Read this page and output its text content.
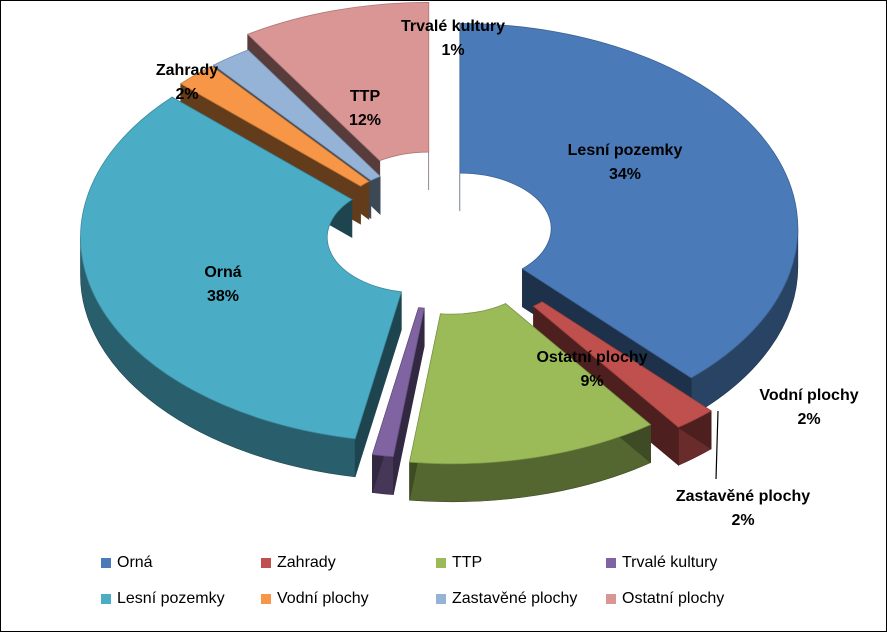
Orná
38%
Zahrady
2%	TTP
12%
Trvalé kultury
1%
Lesní pozemky
34%
Vodní plochy
2%
Zastavěné plochy
2%
Ostatní plochy
9%
Orná	Zahrady	TTP	Trvalé kultury
Lesní pozemky	Vodní plochy	Zastavěné plochy	Ostatní plochy
